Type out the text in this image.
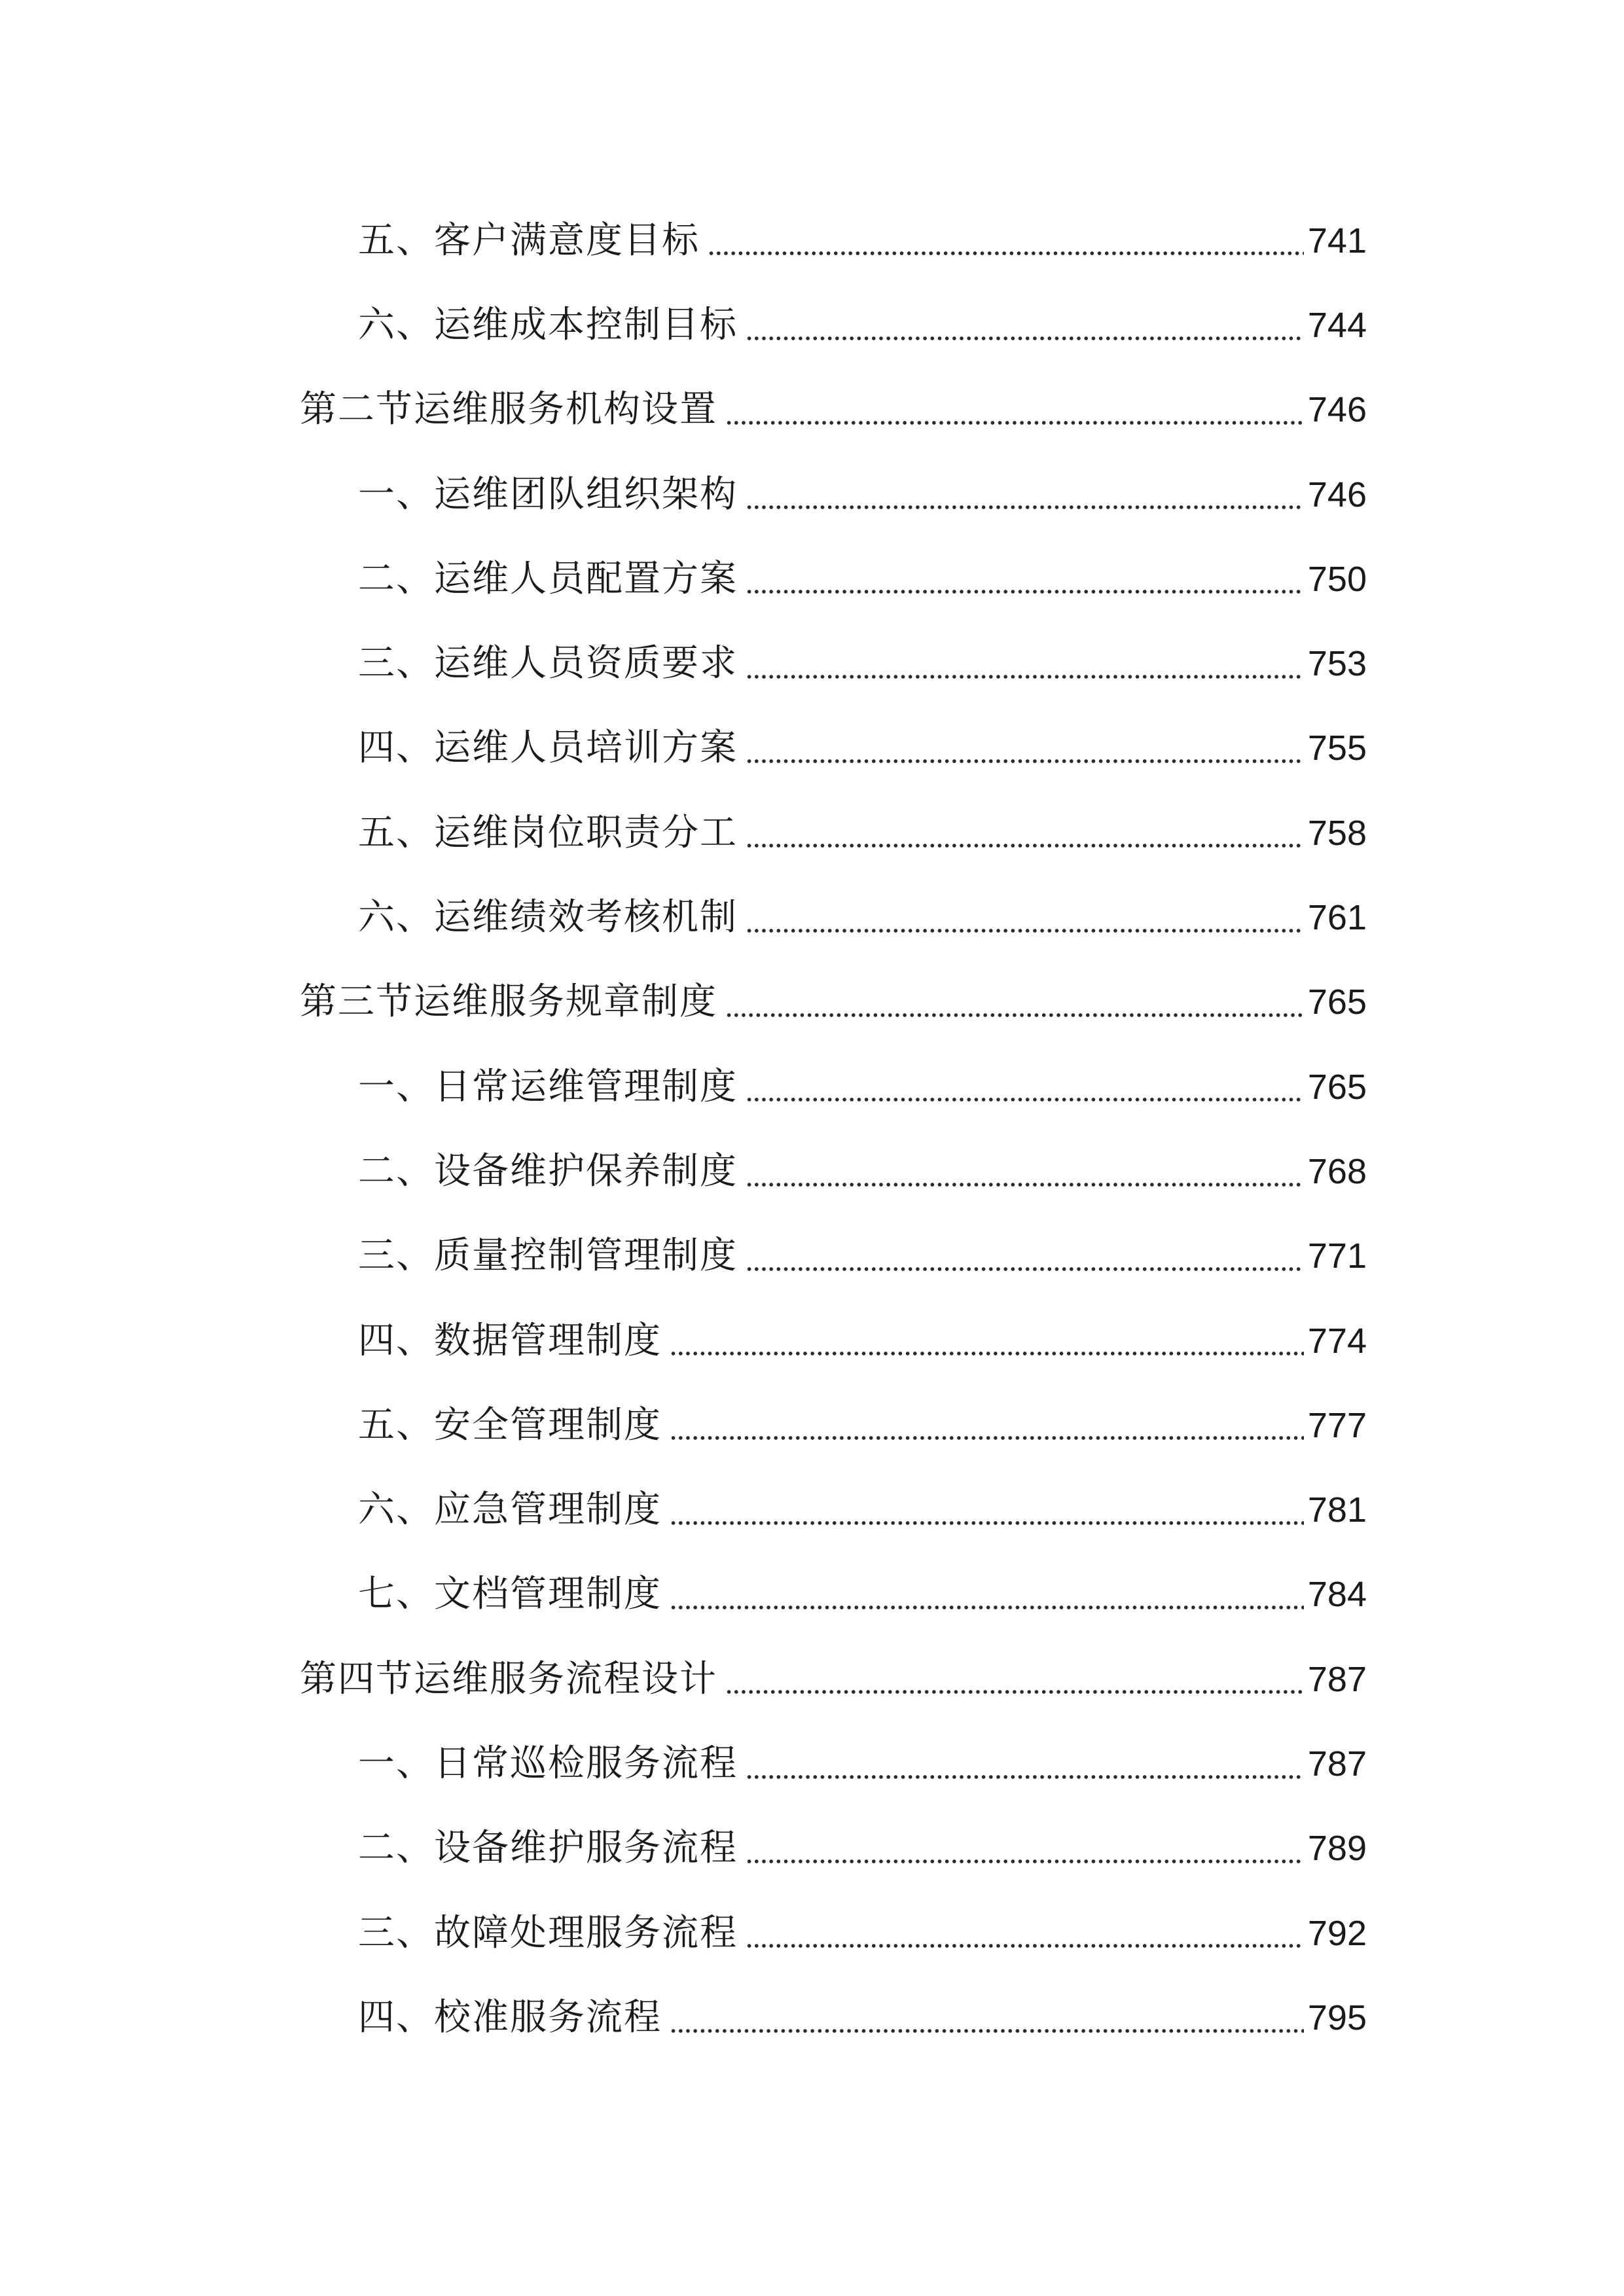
五、客户满意度目标	741
六、运维成本控制目标	744
第二节运维服务机构设置	746
一、运维团队组织架构	746
二、运维人员配置方案	750
三、运维人员资质要求	753
四、运维人员培训方案	755
五、运维岗位职责分工	758
六、运维绩效考核机制	761
第三节运维服务规章制度	765
一、日常运维管理制度	765
二、设备维护保养制度	768
三、质量控制管理制度	771
四、数据管理制度	774
五、安全管理制度	777
六、应急管理制度	781
七、文档管理制度	784
第四节运维服务流程设计	787
一、日常巡检服务流程	787
二、设备维护服务流程	789
三、故障处理服务流程	792
四、校准服务流程	795
